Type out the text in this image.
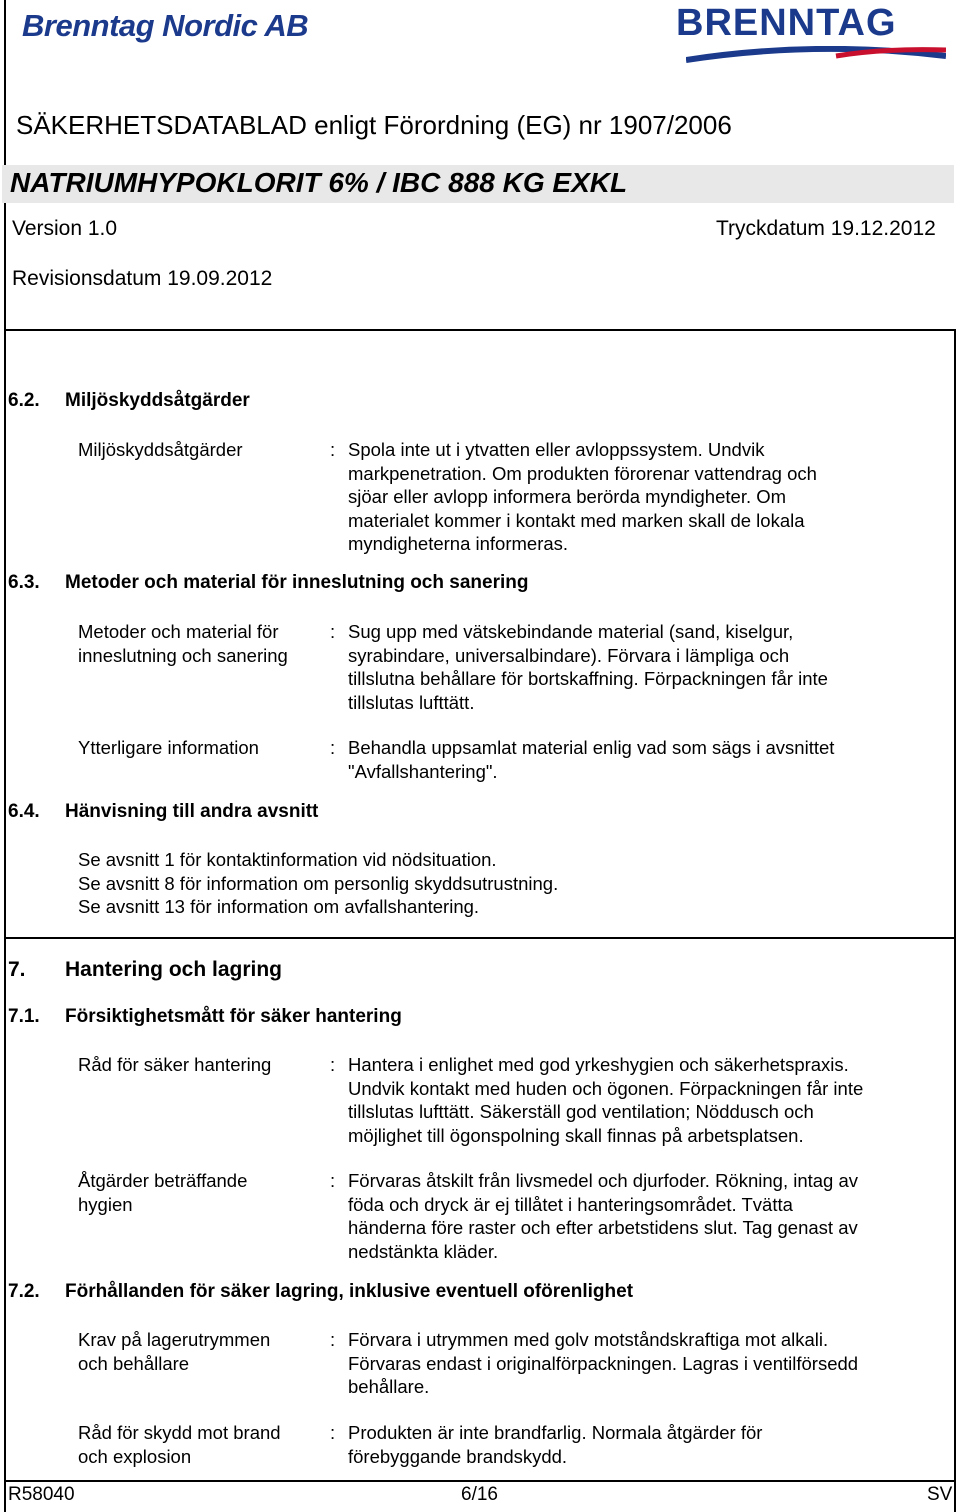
Brenntag Nordic AB	BRENNTAG
SÄKERHETSDATABLAD enligt Förordning (EG) nr 1907/2006
NATRIUMHYPOKLORIT 6% / IBC 888 KG EXKL
Version 1.0	Tryckdatum 19.12.2012
Revisionsdatum 19.09.2012
6.2. Miljöskyddsåtgärder
Miljöskyddsåtgärder	: Spola inte ut i ytvatten eller avloppssystem. Undvik
markpenetration. Om produkten förorenar vattendrag och
sjöar eller avlopp informera berörda myndigheter. Om
materialet kommer i kontakt med marken skall de lokala
myndigheterna informeras.
6.3. Metoder och material för inneslutning och sanering
Metoder och material för
inneslutning och sanering
: Sug upp med vätskebindande material (sand, kiselgur,
syrabindare, universalbindare). Förvara i lämpliga och
tillslutna behållare för bortskaffning. Förpackningen får inte
tillslutas lufttätt.
Ytterligare information	: Behandla uppsamlat material enlig vad som sägs i avsnittet
"Avfallshantering".
6.4. Hänvisning till andra avsnitt
Se avsnitt 1 för kontaktinformation vid nödsituation.
Se avsnitt 8 för information om personlig skyddsutrustning.
Se avsnitt 13 för information om avfallshantering.
7. Hantering och lagring
7.1. Försiktighetsmått för säker hantering
Råd för säker hantering	: Hantera i enlighet med god yrkeshygien och säkerhetspraxis.
Undvik kontakt med huden och ögonen. Förpackningen får inte
tillslutas lufttätt. Säkerställ god ventilation; Nöddusch och
möjlighet till ögonspolning skall finnas på arbetsplatsen.
Åtgärder beträffande
hygien
: Förvaras åtskilt från livsmedel och djurfoder. Rökning, intag av
föda och dryck är ej tillåtet i hanteringsområdet. Tvätta
händerna före raster och efter arbetstidens slut. Tag genast av
nedstänkta kläder.
7.2. Förhållanden för säker lagring, inklusive eventuell oförenlighet
Krav på lagerutrymmen
och behållare
: Förvara i utrymmen med golv motståndskraftiga mot alkali.
Förvaras endast i originalförpackningen. Lagras i ventilförsedd
behållare.
Råd för skydd mot brand
och explosion
: Produkten är inte brandfarlig. Normala åtgärder för
förebyggande brandskydd.
R58040	6/16	SV
